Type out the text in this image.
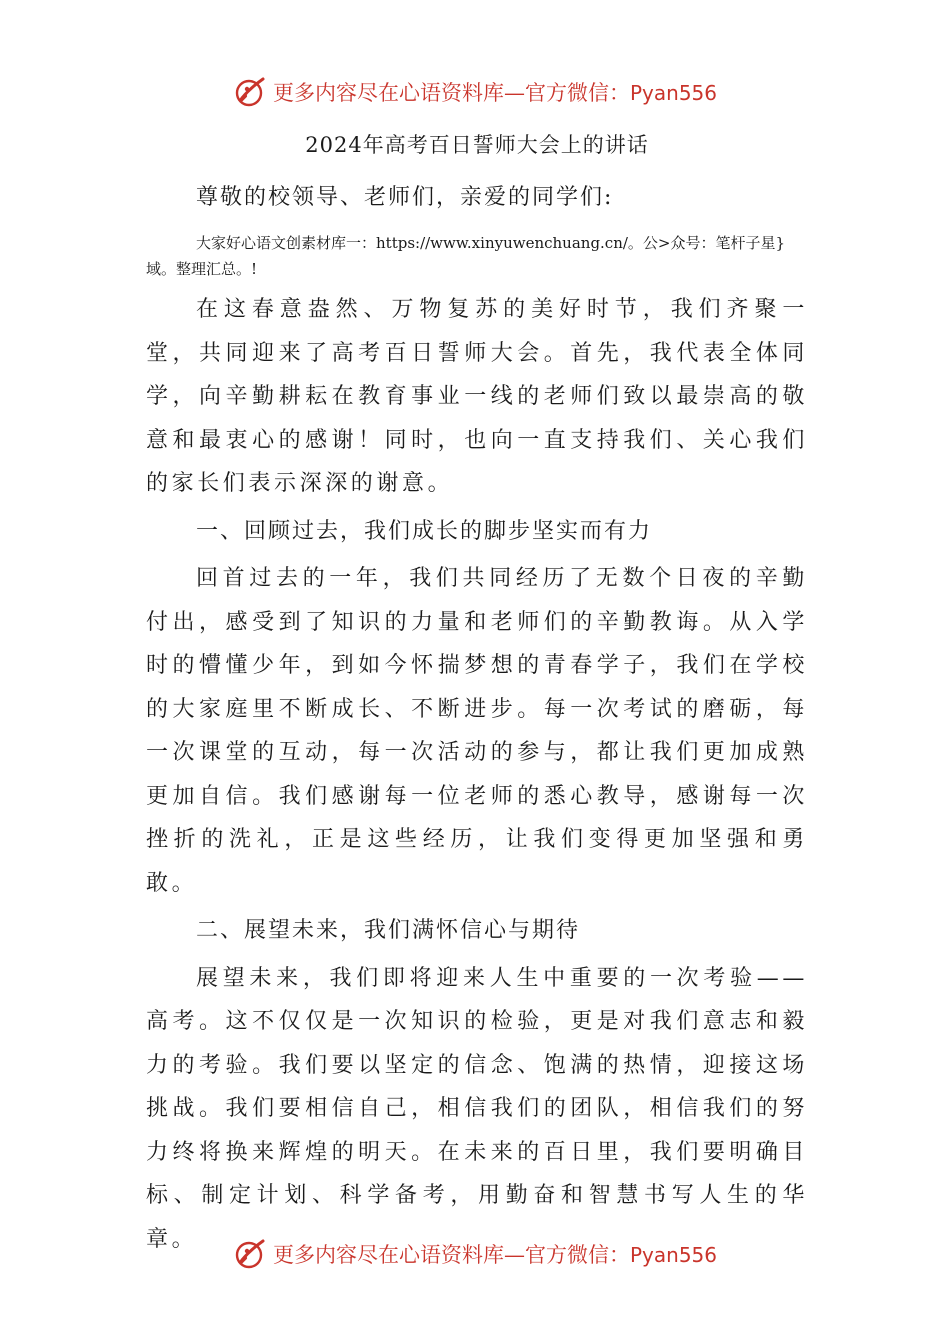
更多内容尽在心语资料库—官方微信：Pyan556
2024年高考百日誓师大会上的讲话

尊敬的校领导、老师们，亲爱的同学们:

大家好心语文创素材库一：https://www.xinyuwenchuang.cn/。公>众号：笔杆子星}域。整理汇总。!

在这春意盎然、万物复苏的美好时节，我们齐聚一堂，共同迎来了高考百日誓师大会。首先，我代表全体同学，向辛勤耕耘在教育事业一线的老师们致以最崇高的敬意和最衷心的感谢！同时，也向一直支持我们、关心我们的家长们表示深深的谢意。

一、回顾过去，我们成长的脚步坚实而有力

回首过去的一年，我们共同经历了无数个日夜的辛勤付出，感受到了知识的力量和老师们的辛勤教诲。从入学时的懵懂少年，到如今怀揣梦想的青春学子，我们在学校的大家庭里不断成长、不断进步。每一次考试的磨砺，每一次课堂的互动，每一次活动的参与，都让我们更加成熟更加自信。我们感谢每一位老师的悉心教导，感谢每一次挫折的洗礼，正是这些经历，让我们变得更加坚强和勇敢。

二、展望未来，我们满怀信心与期待

展望未来，我们即将迎来人生中重要的一次考验——高考。这不仅仅是一次知识的检验，更是对我们意志和毅力的考验。我们要以坚定的信念、饱满的热情，迎接这场挑战。我们要相信自己，相信我们的团队，相信我们的努力终将换来辉煌的明天。在未来的百日里，我们要明确目标、制定计划、科学备考，用勤奋和智慧书写人生的华章。

更多内容尽在心语资料库—官方微信：Pyan556
